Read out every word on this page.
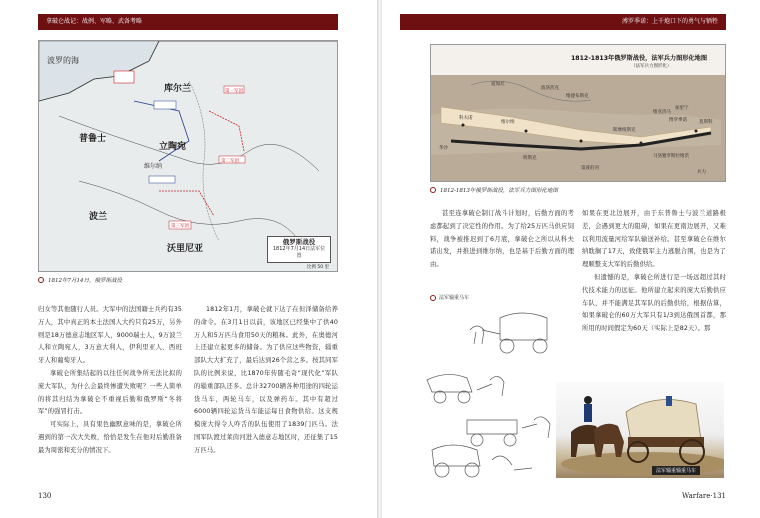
拿破仑战记：战例、军略、武备考略
波罗的海
普鲁士
库尔兰
立陶宛
波兰
沃里尼亚
维尔纳
第一军团
第二军团
第三军团
俄罗斯战役
1812年7月14日法军位置
比例 50 里
1812年7月14日，俄罗斯战役

归女等其他随行人员。大军中的法国籍士兵约有35万人，其中真正的本土法国人大约只有25万，另外则是18万德意志地区军人，9000瑞士人，9万波兰人和立陶宛人，3万意大利人，伊利里亚人、西班牙人和葡萄牙人。

拿破仑所集结起的以往任何战争所无法比拟的庞大军队，为什么会最终惨遭失败呢？一些人简单的将其归结为拿破仑不重视后勤和俄罗斯“冬将军”的强冒打击。

可实际上，具有果色幽默意味的是，拿破仑所遇到的第一次大失败，恰恰是发生在他对后勤准备最为周密和充分的情况下。

1812年1月，拿破仑就下达了在但泽储备给养的命令。在3月1日以前，该地区已经集中了供40万人和5万匹马食用50天的粮秣。此外，在奥德河上还建立起更多的储备。为了供应这些物资，辎重部队大大扩充了，最后达到26个营之多。按其同军队的比例来说，比1870年传随毛奇“现代化”军队的辎重部队还多。总计32700辆各种用途的四轮运货马车，两轮马车，以及弹药车。其中有超过6000辆四轮运货马车能运每日食物供给。这支规模庞大得令人咋舌的队伍使用了1839门匹马。法国军队渡过莱茵河进入德意志地区时，还征集了15万匹马。

130
溥罗季诺：上千炮口下的勇气与牺牲
1812-1813年俄罗斯战役，法军兵力图形化地图
（法军兵力图形化）
莫斯科
维尔纳
维捷布斯克
明斯克
斯摩棱斯克
波洛茨克
华沙
科夫诺	博罗季诺
马洛雅罗斯拉维茨
维亚济马
加里宁
道加瓦
第聂伯河
兵力
1812-1813年俄罗斯战役，法军兵力图形化地图

甚至连拿破仑制订战斗计划时，后勤方面的考虑都起到了决定性的作用。为了给25万匹马供应饲料，战争被推迟到了6月底，拿破仑之所以从科夫诺出发，并推进到维尔纳，也是基于后勤方面的理由。

如果在更北边展开，由于东普鲁士与波兰道路极差，会遇到更大的阻碍，如果在更南边展开，又难以利用流量河给军队输送补给。甚至拿破仑在维尔纳耽搁了17天，致使俄军主力逃脱合围，也是为了理顺整支大军的后勤供给。

但遗憾的是，拿破仑所进行是一场远超过其时代技术能力的远征。他所建立起来的庞大后勤供应车队，并不能满足其军队的后勤供给，根据估算，如果拿破仑的60万大军只有1/3到达俄国首都，那所用的时间假定为60天（实际上是82天）。那

法军辎重马车
法军辎重辎重马车
Warfare·131
